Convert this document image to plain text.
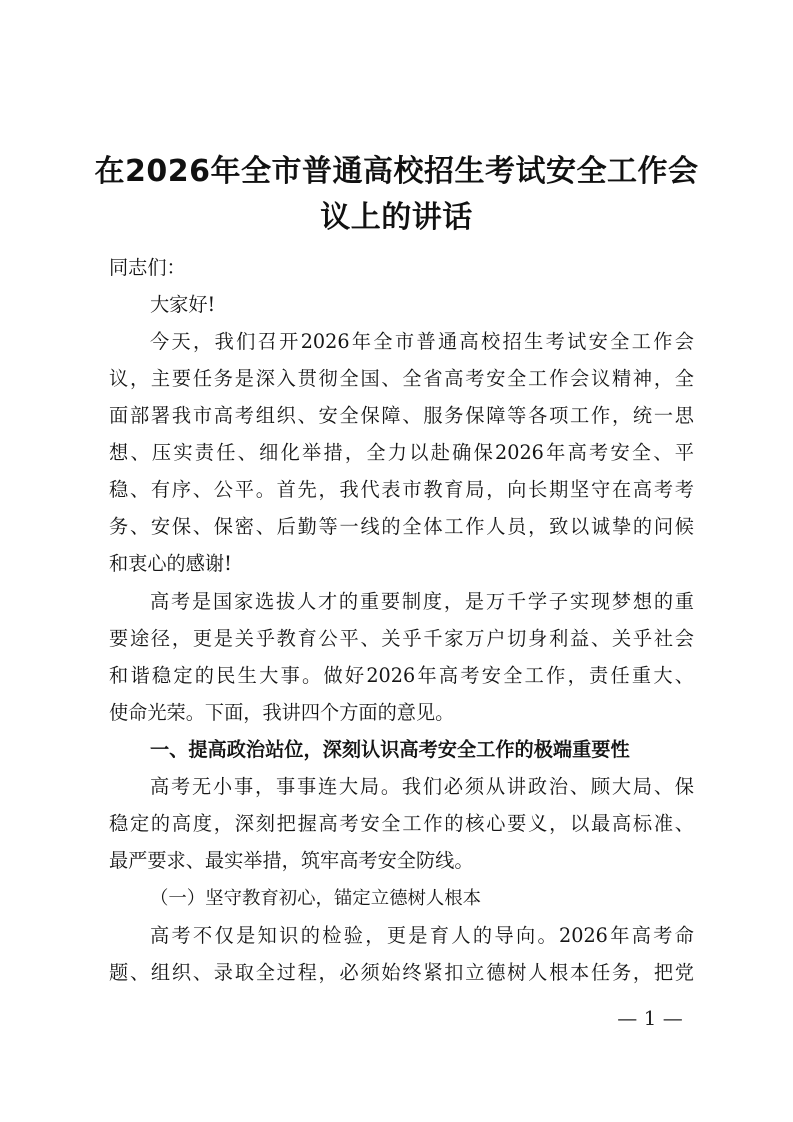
在2026年全市普通高校招生考试安全工作会
议上的讲话
同志们：
大家好!
今天，我们召开2026年全市普通高校招生考试安全工作会
议，主要任务是深入贯彻全国、全省高考安全工作会议精神，全
面部署我市高考组织、安全保障、服务保障等各项工作，统一思
想、压实责任、细化举措，全力以赴确保2026年高考安全、平
稳、有序、公平。首先，我代表市教育局，向长期坚守在高考考
务、安保、保密、后勤等一线的全体工作人员，致以诚挚的问候
和衷心的感谢!
高考是国家选拔人才的重要制度，是万千学子实现梦想的重
要途径，更是关乎教育公平、关乎千家万户切身利益、关乎社会
和谐稳定的民生大事。做好2026年高考安全工作，责任重大、
使命光荣。下面，我讲四个方面的意见。
一、提高政治站位，深刻认识高考安全工作的极端重要性
高考无小事，事事连大局。我们必须从讲政治、顾大局、保
稳定的高度，深刻把握高考安全工作的核心要义，以最高标准、
最严要求、最实举措，筑牢高考安全防线。
（一）坚守教育初心，锚定立德树人根本
高考不仅是知识的检验，更是育人的导向。2026年高考命
题、组织、录取全过程，必须始终紧扣立德树人根本任务，把党
— 1 —
